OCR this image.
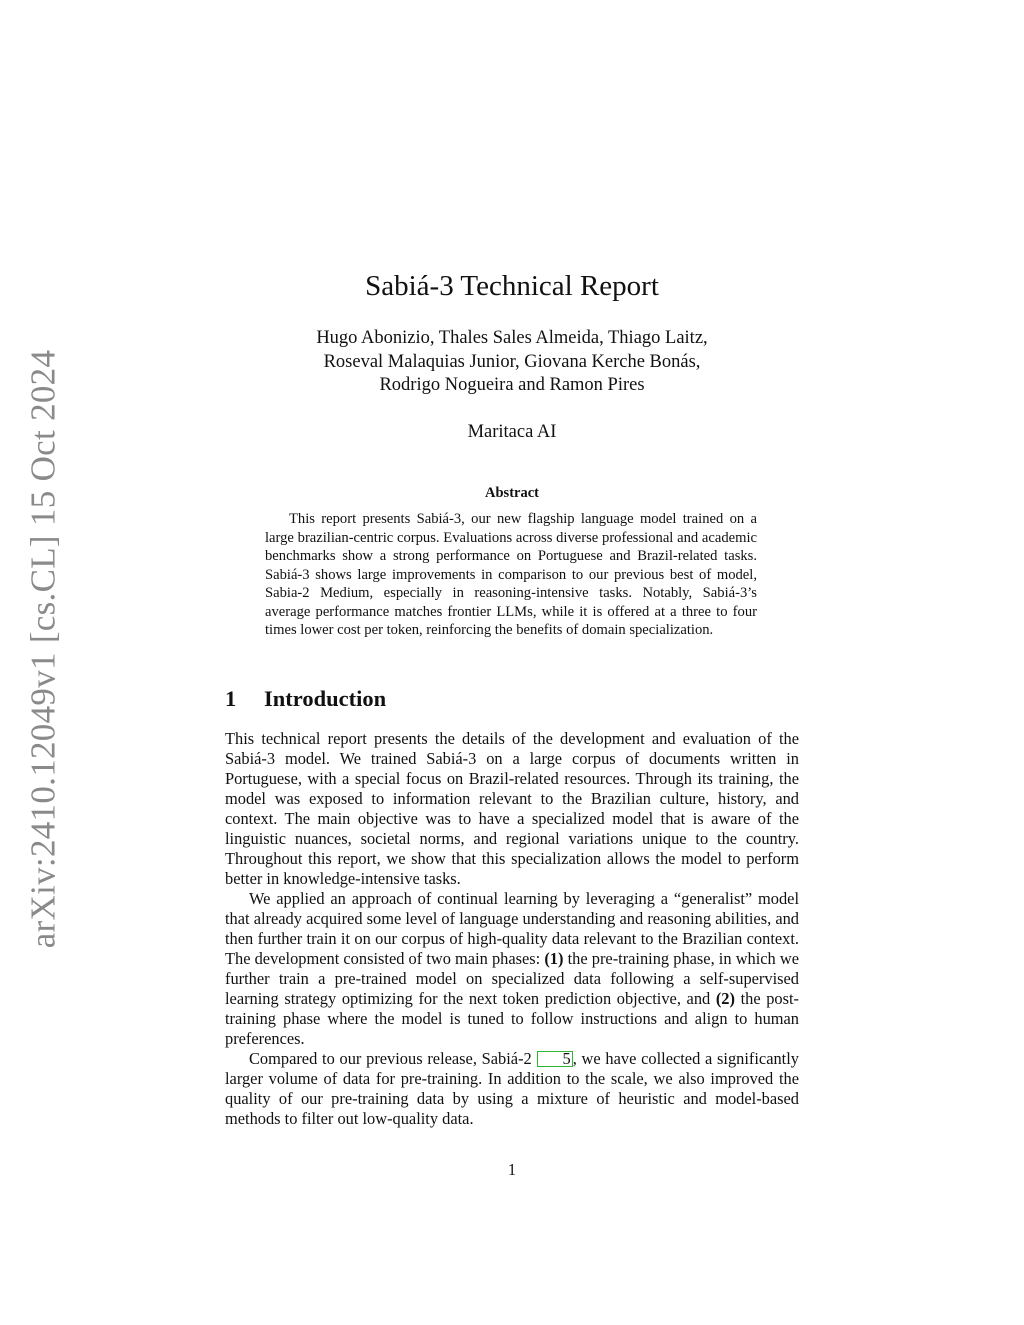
arXiv:2410.12049v1 [cs.CL] 15 Oct 2024
Sabiá-3 Technical Report
Hugo Abonizio, Thales Sales Almeida, Thiago Laitz,
Roseval Malaquias Junior, Giovana Kerche Bonás,
Rodrigo Nogueira and Ramon Pires
Maritaca AI
Abstract
This report presents Sabiá-3, our new flagship language model trained on a large brazilian-centric corpus. Evaluations across diverse professional and academic benchmarks show a strong performance on Portuguese and Brazil-related tasks. Sabiá-3 shows large improvements in comparison to our previous best of model, Sabia-2 Medium, especially in reasoning-intensive tasks. Notably, Sabiá-3’s average performance matches frontier LLMs, while it is offered at a three to four times lower cost per token, reinforcing the benefits of domain specialization.
1 Introduction

This technical report presents the details of the development and evaluation of the Sabiá-3 model. We trained Sabiá-3 on a large corpus of documents written in Portuguese, with a special focus on Brazil-related resources. Through its training, the model was exposed to information relevant to the Brazilian culture, history, and context. The main objective was to have a specialized model that is aware of the linguistic nuances, societal norms, and regional variations unique to the country. Throughout this report, we show that this specialization allows the model to perform better in knowledge-intensive tasks.

We applied an approach of continual learning by leveraging a “generalist” model that already acquired some level of language understanding and reasoning abilities, and then further train it on our corpus of high-quality data relevant to the Brazilian context. The development consisted of two main phases: (1) the pre-training phase, in which we further train a pre-trained model on specialized data following a self-supervised learning strategy optimizing for the next token prediction objective, and (2) the post-training phase where the model is tuned to follow instructions and align to human preferences.

Compared to our previous release, Sabiá-2 5 , we have collected a significantly larger volume of data for pre-training. In addition to the scale, we also improved the quality of our pre-training data by using a mixture of heuristic and model-based methods to filter out low-quality data.

1
